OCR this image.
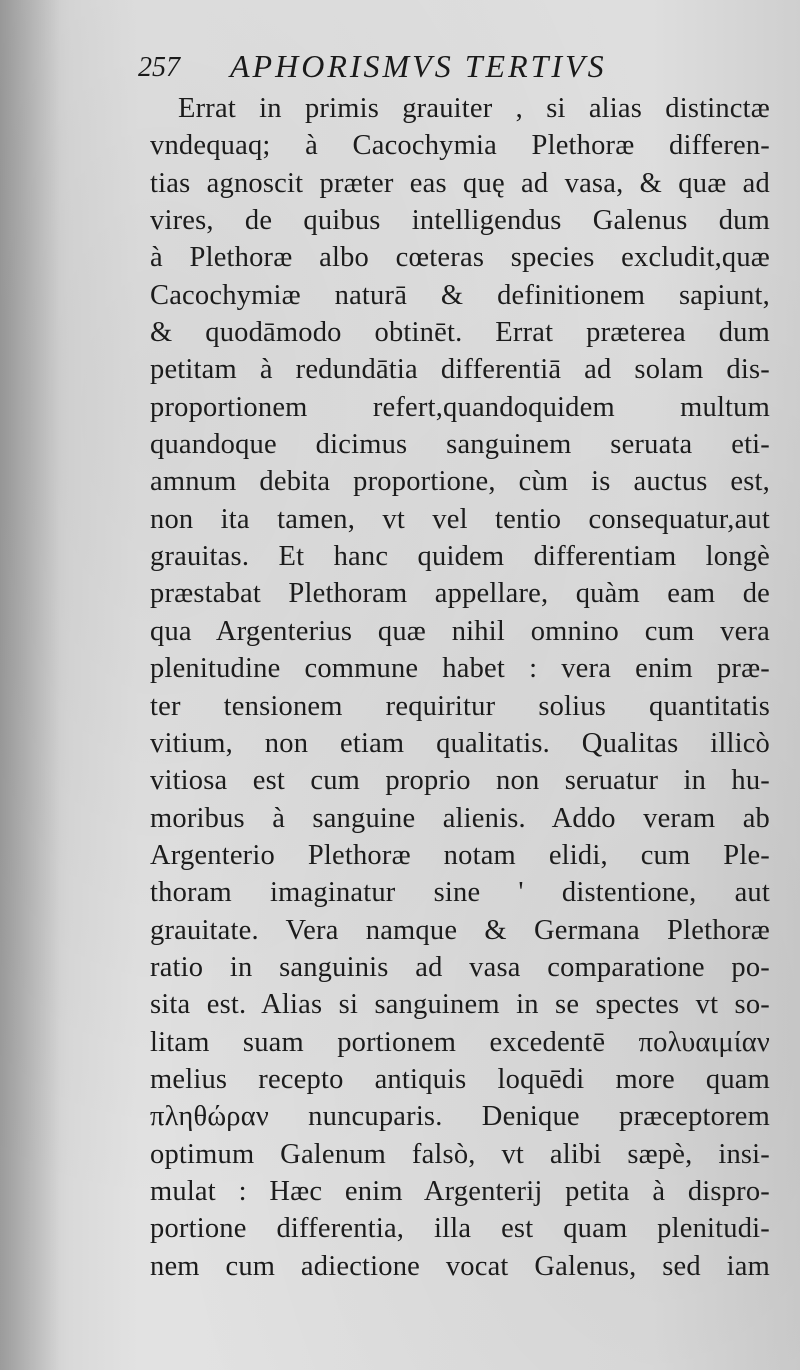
257 APHORISMVS TERTIVS
Errat in primis grauiter , si alias distinctæ
vndequaq; à Cacochymia Plethoræ differen-
tias agnoscit præter eas quę ad vasa, & quæ ad
vires, de quibus intelligendus Galenus dum
à Plethoræ albo cœteras species excludit,quæ
Cacochymiæ naturā & definitionem sapiunt,
& quodāmodo obtinēt. Errat præterea dum
petitam à redundātia differentiā ad solam dis-
proportionem refert,quandoquidem multum
quandoque dicimus sanguinem seruata eti-
amnum debita proportione, cùm is auctus est,
non ita tamen, vt vel tentio consequatur,aut
grauitas. Et hanc quidem differentiam longè
præstabat Plethoram appellare, quàm eam de
qua Argenterius quæ nihil omnino cum vera
plenitudine commune habet : vera enim præ-
ter tensionem requiritur solius quantitatis
vitium, non etiam qualitatis. Qualitas illicò
vitiosa est cum proprio non seruatur in hu-
moribus à sanguine alienis. Addo veram ab
Argenterio Plethoræ notam elidi, cum Ple-
thoram imaginatur sine ' distentione, aut
grauitate. Vera namque & Germana Plethoræ
ratio in sanguinis ad vasa comparatione po-
sita est. Alias si sanguinem in se spectes vt so-
litam suam portionem excedentē πολυαιμίαν
melius recepto antiquis loquēdi more quam
πληθώραν nuncuparis. Denique præceptorem
optimum Galenum falsò, vt alibi sæpè, insi-
mulat : Hæc enim Argenterij petita à dispro-
portione differentia, illa est quam plenitudi-
nem cum adiectione vocat Galenus, sed iam
